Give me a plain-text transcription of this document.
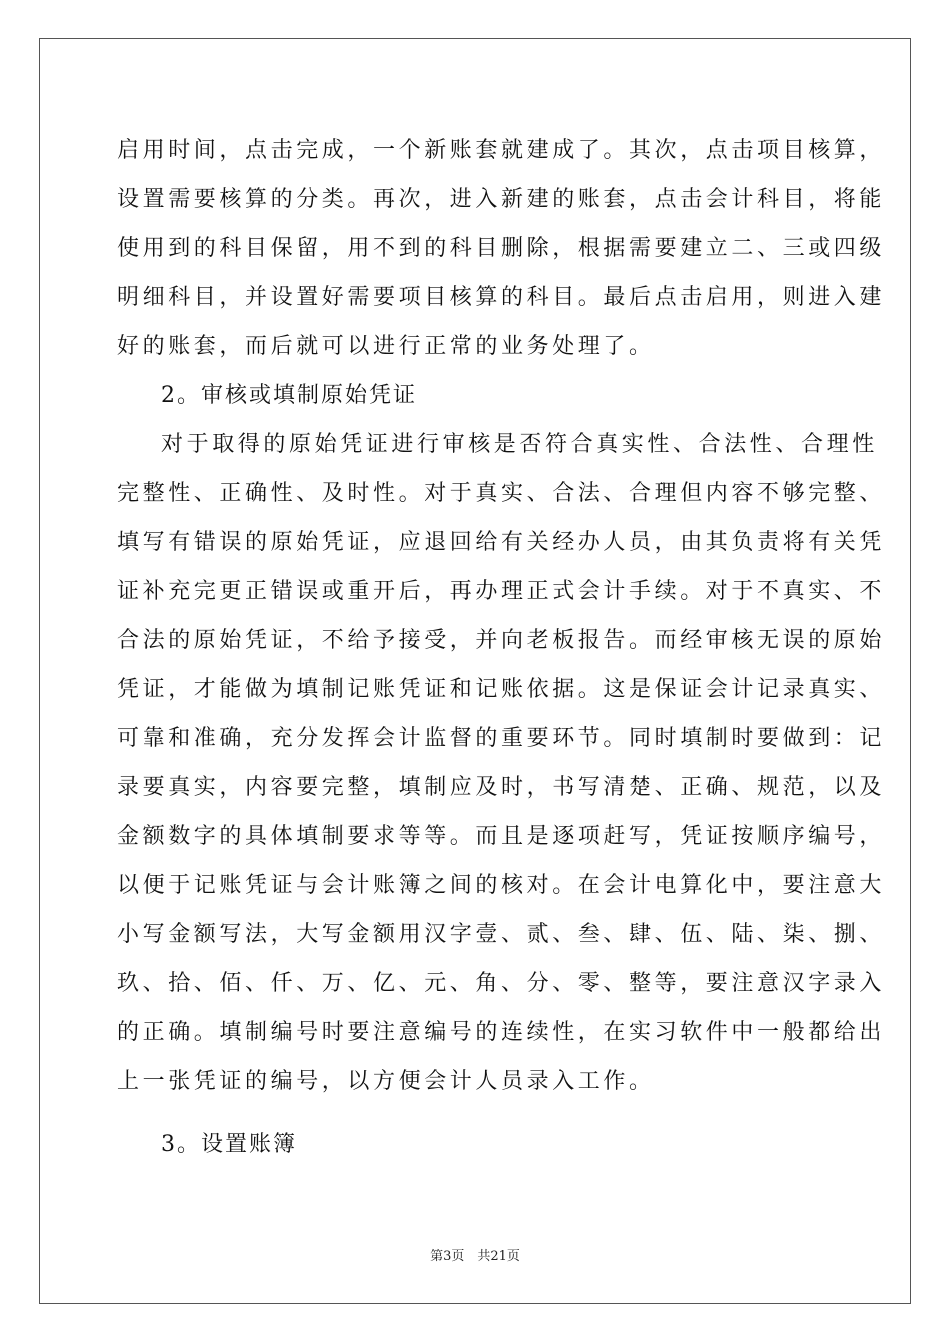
启用时间，点击完成，一个新账套就建成了。其次，点击项目核算，
设置需要核算的分类。再次，进入新建的账套，点击会计科目，将能
使用到的科目保留，用不到的科目删除，根据需要建立二、三或四级
明细科目，并设置好需要项目核算的科目。最后点击启用，则进入建
好的账套，而后就可以进行正常的业务处理了。
2。审核或填制原始凭证
对于取得的原始凭证进行审核是否符合真实性、合法性、合理性
完整性、正确性、及时性。对于真实、合法、合理但内容不够完整、
填写有错误的原始凭证，应退回给有关经办人员，由其负责将有关凭
证补充完更正错误或重开后，再办理正式会计手续。对于不真实、不
合法的原始凭证，不给予接受，并向老板报告。而经审核无误的原始
凭证，才能做为填制记账凭证和记账依据。这是保证会计记录真实、
可靠和准确，充分发挥会计监督的重要环节。同时填制时要做到：记
录要真实，内容要完整，填制应及时，书写清楚、正确、规范，以及
金额数字的具体填制要求等等。而且是逐项赶写，凭证按顺序编号，
以便于记账凭证与会计账簿之间的核对。在会计电算化中，要注意大
小写金额写法，大写金额用汉字壹、贰、叁、肆、伍、陆、柒、捌、
玖、拾、佰、仟、万、亿、元、角、分、零、整等，要注意汉字录入
的正确。填制编号时要注意编号的连续性，在实习软件中一般都给出
上一张凭证的编号，以方便会计人员录入工作。
3。设置账簿
第3页　共21页
